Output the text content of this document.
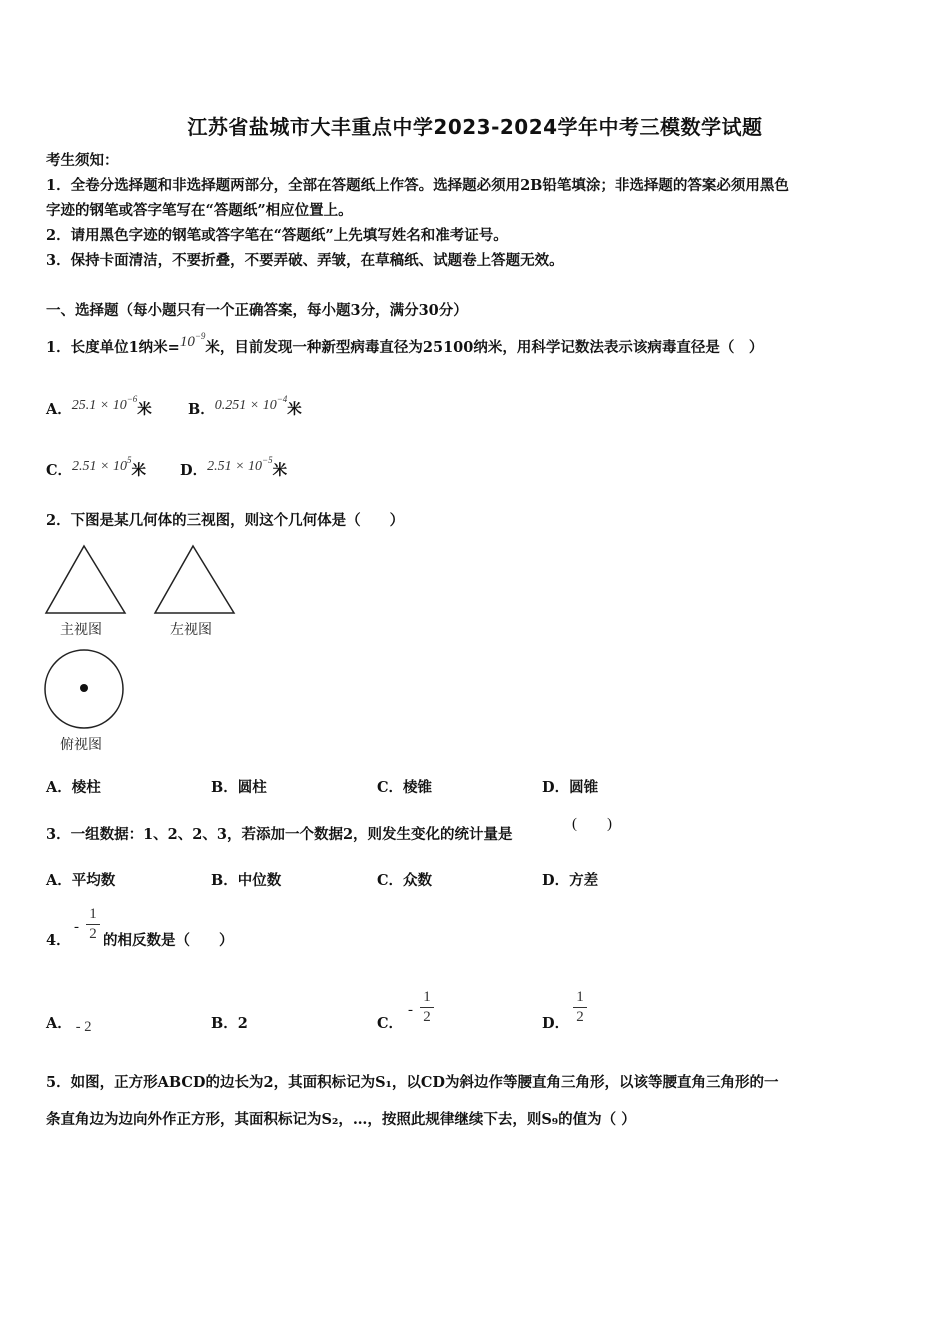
江苏省盐城市大丰重点中学2023-2024学年中考三模数学试题
考生须知：
1．全卷分选择题和非选择题两部分，全部在答题纸上作答。选择题必须用2B铅笔填涂；非选择题的答案必须用黑色
字迹的钢笔或答字笔写在“答题纸”相应位置上。
2．请用黑色字迹的钢笔或答字笔在“答题纸”上先填写姓名和准考证号。
3．保持卡面清洁，不要折叠，不要弄破、弄皱，在草稿纸、试题卷上答题无效。
一、选择题（每小题只有一个正确答案，每小题3分，满分30分）
1．长度单位1纳米$=10^{-9}$米，目前发现一种新型病毒直径为25100纳米，用科学记数法表示该病毒直径是（　）
A．$25.1 \times 10^{-6}$米 B．$0.251 \times 10^{-4}$米
C．$2.51 \times 10^5$米 D．$2.51 \times 10^{-5}$米
2．下图是某几何体的三视图，则这个几何体是（　　）
主视图	左视图
俯视图
A．棱柱	B．圆柱	C．棱锥	D．圆锥
3．一组数据：1、2、2、3，若添加一个数据2，则发生变化的统计量是
(　　)
A．平均数	B．中位数	C．众数	D．方差
4．
-
1
2 的相反数是（　　）
A． - 2	B．2	C．
-
1
2	D．
1
2
5．如图，正方形ABCD的边长为2，其面积标记为S₁，以CD为斜边作等腰直角三角形，以该等腰直角三角形的一
条直角边为边向外作正方形，其面积标记为S₂，…，按照此规律继续下去，则S₉的值为（ ）
